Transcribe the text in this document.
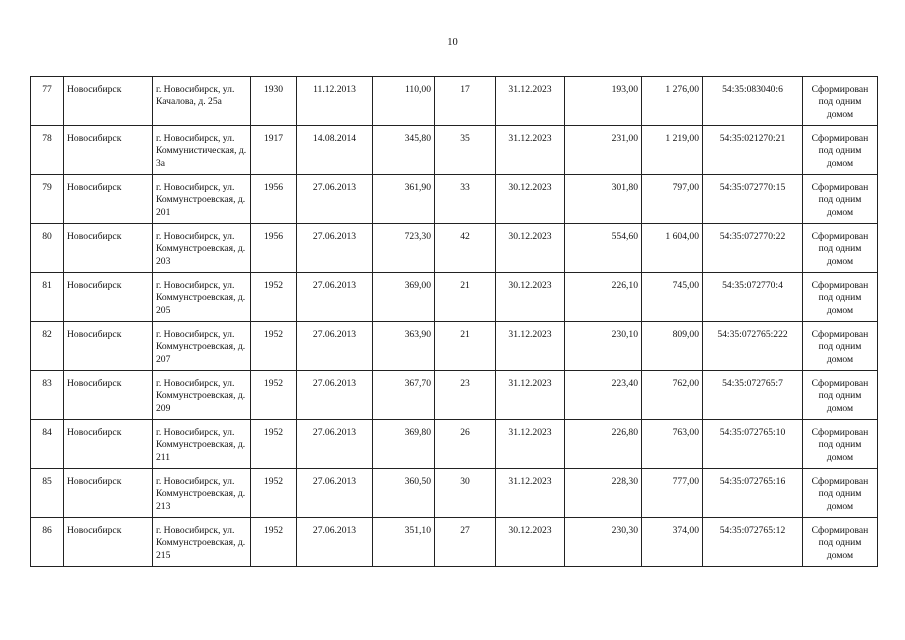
10
77	Новосибирск	г. Новосибирск, ул. Качалова, д. 25а	1930	11.12.2013	110,00	17	31.12.2023	193,00	1 276,00	54:35:083040:6	Сформирован под одним домом
78	Новосибирск	г. Новосибирск, ул. Коммунистическая, д. 3а	1917	14.08.2014	345,80	35	31.12.2023	231,00	1 219,00	54:35:021270:21	Сформирован под одним домом
79	Новосибирск	г. Новосибирск, ул. Коммунстроевская, д. 201	1956	27.06.2013	361,90	33	30.12.2023	301,80	797,00	54:35:072770:15	Сформирован под одним домом
80	Новосибирск	г. Новосибирск, ул. Коммунстроевская, д. 203	1956	27.06.2013	723,30	42	30.12.2023	554,60	1 604,00	54:35:072770:22	Сформирован под одним домом
81	Новосибирск	г. Новосибирск, ул. Коммунстроевская, д. 205	1952	27.06.2013	369,00	21	30.12.2023	226,10	745,00	54:35:072770:4	Сформирован под одним домом
82	Новосибирск	г. Новосибирск, ул. Коммунстроевская, д. 207	1952	27.06.2013	363,90	21	31.12.2023	230,10	809,00	54:35:072765:222	Сформирован под одним домом
83	Новосибирск	г. Новосибирск, ул. Коммунстроевская, д. 209	1952	27.06.2013	367,70	23	31.12.2023	223,40	762,00	54:35:072765:7	Сформирован под одним домом
84	Новосибирск	г. Новосибирск, ул. Коммунстроевская, д. 211	1952	27.06.2013	369,80	26	31.12.2023	226,80	763,00	54:35:072765:10	Сформирован под одним домом
85	Новосибирск	г. Новосибирск, ул. Коммунстроевская, д. 213	1952	27.06.2013	360,50	30	31.12.2023	228,30	777,00	54:35:072765:16	Сформирован под одним домом
86	Новосибирск	г. Новосибирск, ул. Коммунстроевская, д. 215	1952	27.06.2013	351,10	27	30.12.2023	230,30	374,00	54:35:072765:12	Сформирован под одним домом
